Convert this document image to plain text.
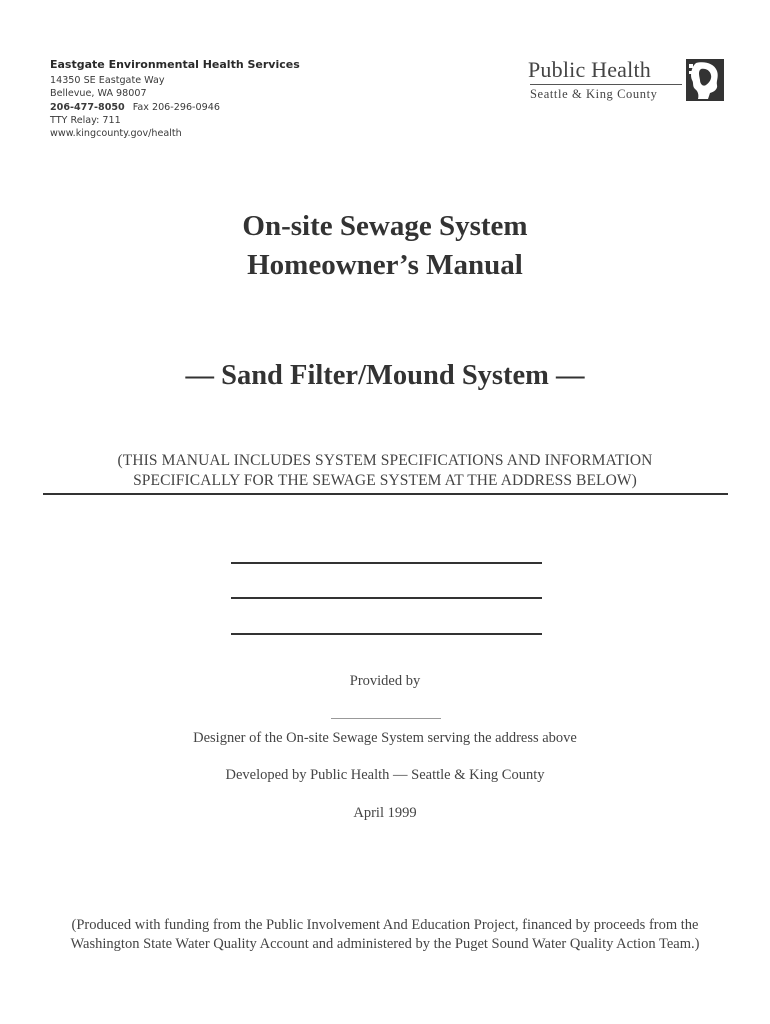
Eastgate Environmental Health Services
14350 SE Eastgate Way
Bellevue, WA 98007
206-477-8050 Fax 206-296-0946
TTY Relay: 711
www.kingcounty.gov/health
Public Health
Seattle & King County
On-site Sewage System
Homeowner’s Manual
— Sand Filter/Mound System —
(THIS MANUAL INCLUDES SYSTEM SPECIFICATIONS AND INFORMATION
SPECIFICALLY FOR THE SEWAGE SYSTEM AT THE ADDRESS BELOW)
Provided by
Designer of the On-site Sewage System serving the address above
Developed by Public Health — Seattle & King County
April 1999
(Produced with funding from the Public Involvement And Education Project, financed by proceeds from the
Washington State Water Quality Account and administered by the Puget Sound Water Quality Action Team.)
